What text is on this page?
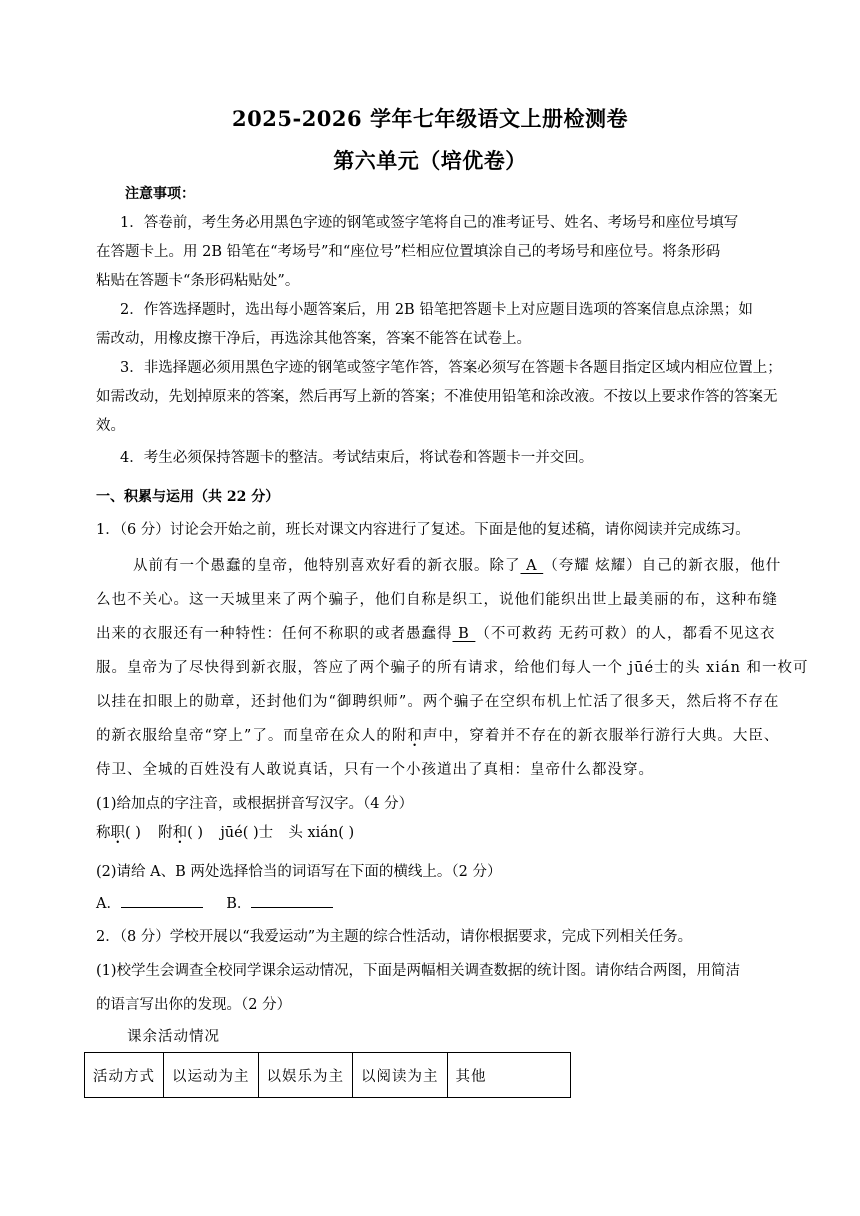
2025-2026 学年七年级语文上册检测卷
第六单元（培优卷）
注意事项：
1．答卷前，考生务必用黑色字迹的钢笔或签字笔将自己的准考证号、姓名、考场号和座位号填写
在答题卡上。用 2B 铅笔在“考场号”和“座位号”栏相应位置填涂自己的考场号和座位号。将条形码
粘贴在答题卡“条形码粘贴处”。
2．作答选择题时，选出每小题答案后，用 2B 铅笔把答题卡上对应题目选项的答案信息点涂黑；如
需改动，用橡皮擦干净后，再选涂其他答案，答案不能答在试卷上。
3．非选择题必须用黑色字迹的钢笔或签字笔作答，答案必须写在答题卡各题目指定区域内相应位置上；
如需改动，先划掉原来的答案，然后再写上新的答案；不准使用铅笔和涂改液。不按以上要求作答的答案无
效。
4．考生必须保持答题卡的整洁。考试结束后，将试卷和答题卡一并交回。
一、积累与运用（共 22 分）
1．（6 分）讨论会开始之前，班长对课文内容进行了复述。下面是他的复述稿，请你阅读并完成练习。
从前有一个愚蠢的皇帝，他特别喜欢好看的新衣服。除了 A （夸耀 炫耀）自己的新衣服，他什
么也不关心。这一天城里来了两个骗子，他们自称是织工，说他们能织出世上最美丽的布，这种布缝
出来的衣服还有一种特性：任何不称职的或者愚蠢得 B （不可救药 无药可救）的人，都看不见这衣
服。皇帝为了尽快得到新衣服，答应了两个骗子的所有请求，给他们每人一个 jūé士的头 xián 和一枚可
以挂在扣眼上的勋章，还封他们为“御聘织师”。两个骗子在空织布机上忙活了很多天，然后将不存在
的新衣服给皇帝“穿上”了。而皇帝在众人的附和声中，穿着并不存在的新衣服举行游行大典。大臣、
侍卫、全城的百姓没有人敢说真话，只有一个小孩道出了真相：皇帝什么都没穿。
(1)给加点的字注音，或根据拼音写汉字。（4 分）
称职( ) 附和( ) jūé( )士 头 xián( )
(2)请给 A、B 两处选择恰当的词语写在下面的横线上。（2 分）
A．	B．
2．（8 分）学校开展以“我爱运动”为主题的综合性活动，请你根据要求，完成下列相关任务。
(1)校学生会调查全校同学课余运动情况，下面是两幅相关调查数据的统计图。请你结合两图，用简洁
的语言写出你的发现。（2 分）
课余活动情况
活动方式	以运动为主	以娱乐为主	以阅读为主	其他
